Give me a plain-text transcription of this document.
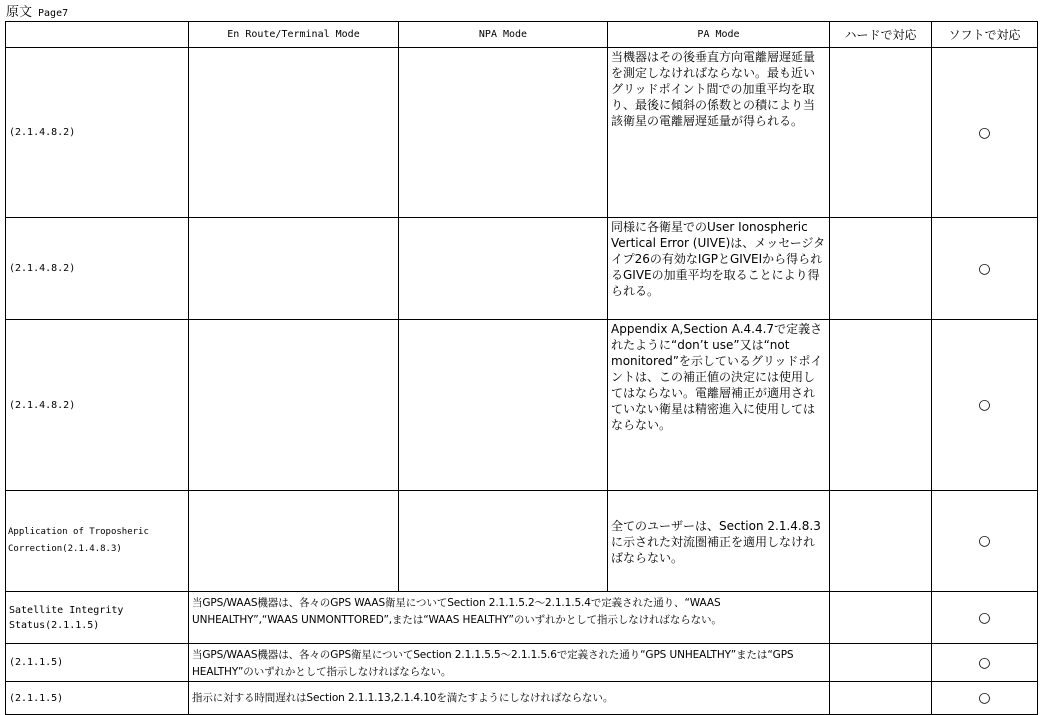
原文 Page7
	En Route/Terminal Mode	NPA Mode	PA Mode	ハードで対応	ソフトで対応
(2.1.4.8.2)			当機器はその後垂直方向電離層遅延量を測定しなければならない。最も近いグリッドポイント間での加重平均を取り、最後に傾斜の係数との積により当該衛星の電離層遅延量が得られる。		○
(2.1.4.8.2)			同様に各衛星でのUser Ionospheric Vertical Error (UIVE)は、メッセージタイプ26の有効なIGPとGIVEIから得られるGIVEの加重平均を取ることにより得られる。		○
(2.1.4.8.2)			Appendix A,Section A.4.4.7で定義されたように“don’t use”又は“not monitored”を示しているグリッドポイントは、この補正値の決定には使用してはならない。電離層補正が適用されていない衛星は精密進入に使用してはならない。		○
Application of Troposheric Correction(2.1.4.8.3)			全てのユーザーは、Section 2.1.4.8.3に示された対流圏補正を適用しなければならない。		○
Satellite Integrity Status(2.1.1.5)	当GPS/WAAS機器は、各々のGPS WAAS衛星についてSection 2.1.1.5.2～2.1.1.5.4で定義された通り、“WAAS UNHEALTHY”,“WAAS UNMONTTORED”,または“WAAS HEALTHY”のいずれかとして指示しなければならない。				○
(2.1.1.5)	当GPS/WAAS機器は、各々のGPS衛星についてSection 2.1.1.5.5～2.1.1.5.6で定義された通り“GPS UNHEALTHY”または“GPS HEALTHY”のいずれかとして指示しなければならない。				○
(2.1.1.5)	指示に対する時間遅れはSection 2.1.1.13,2.1.4.10を満たすようにしなければならない。				○
